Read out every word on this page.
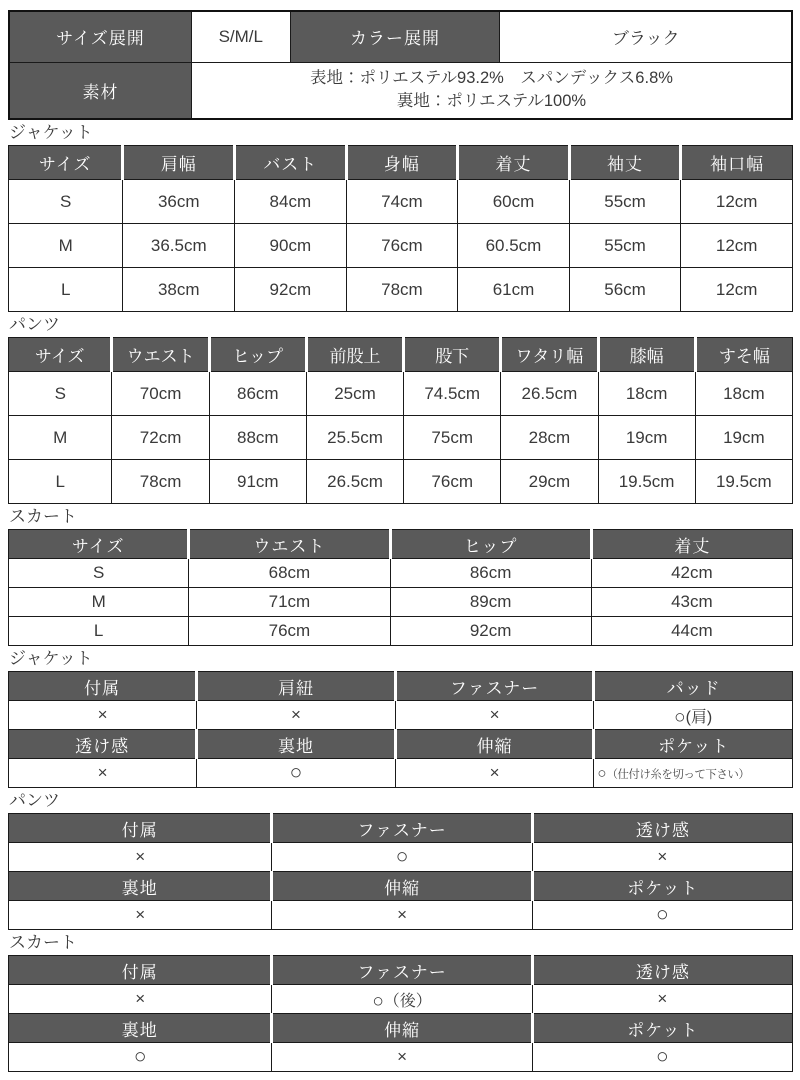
サイズ展開	S/M/L	カラー展開	ブラック
素材	表地：ポリエステル93.2%　スパンデックス6.8%
裏地：ポリエステル100%		
ジャケット
サイズ	肩幅	バスト	身幅	着丈	袖丈	袖口幅
S	36cm	84cm	74cm	60cm	55cm	12cm
M	36.5cm	90cm	76cm	60.5cm	55cm	12cm
L	38cm	92cm	78cm	61cm	56cm	12cm
パンツ
サイズ	ウエスト	ヒップ	前股上	股下	ワタリ幅	膝幅	すそ幅
S	70cm	86cm	25cm	74.5cm	26.5cm	18cm	18cm
M	72cm	88cm	25.5cm	75cm	28cm	19cm	19cm
L	78cm	91cm	26.5cm	76cm	29cm	19.5cm	19.5cm
スカート
サイズ	ウエスト	ヒップ	着丈
S	68cm	86cm	42cm
M	71cm	89cm	43cm
L	76cm	92cm	44cm
ジャケット
付属	肩紐	ファスナー	パッド
×	×	×	○(肩)
透け感	裏地	伸縮	ポケット
×	○	×	○（仕付け糸を切って下さい）
パンツ
付属	ファスナー	透け感
×	○	×
裏地	伸縮	ポケット
×	×	○
スカート
付属	ファスナー	透け感
×	○（後）	×
裏地	伸縮	ポケット
○	×	○
